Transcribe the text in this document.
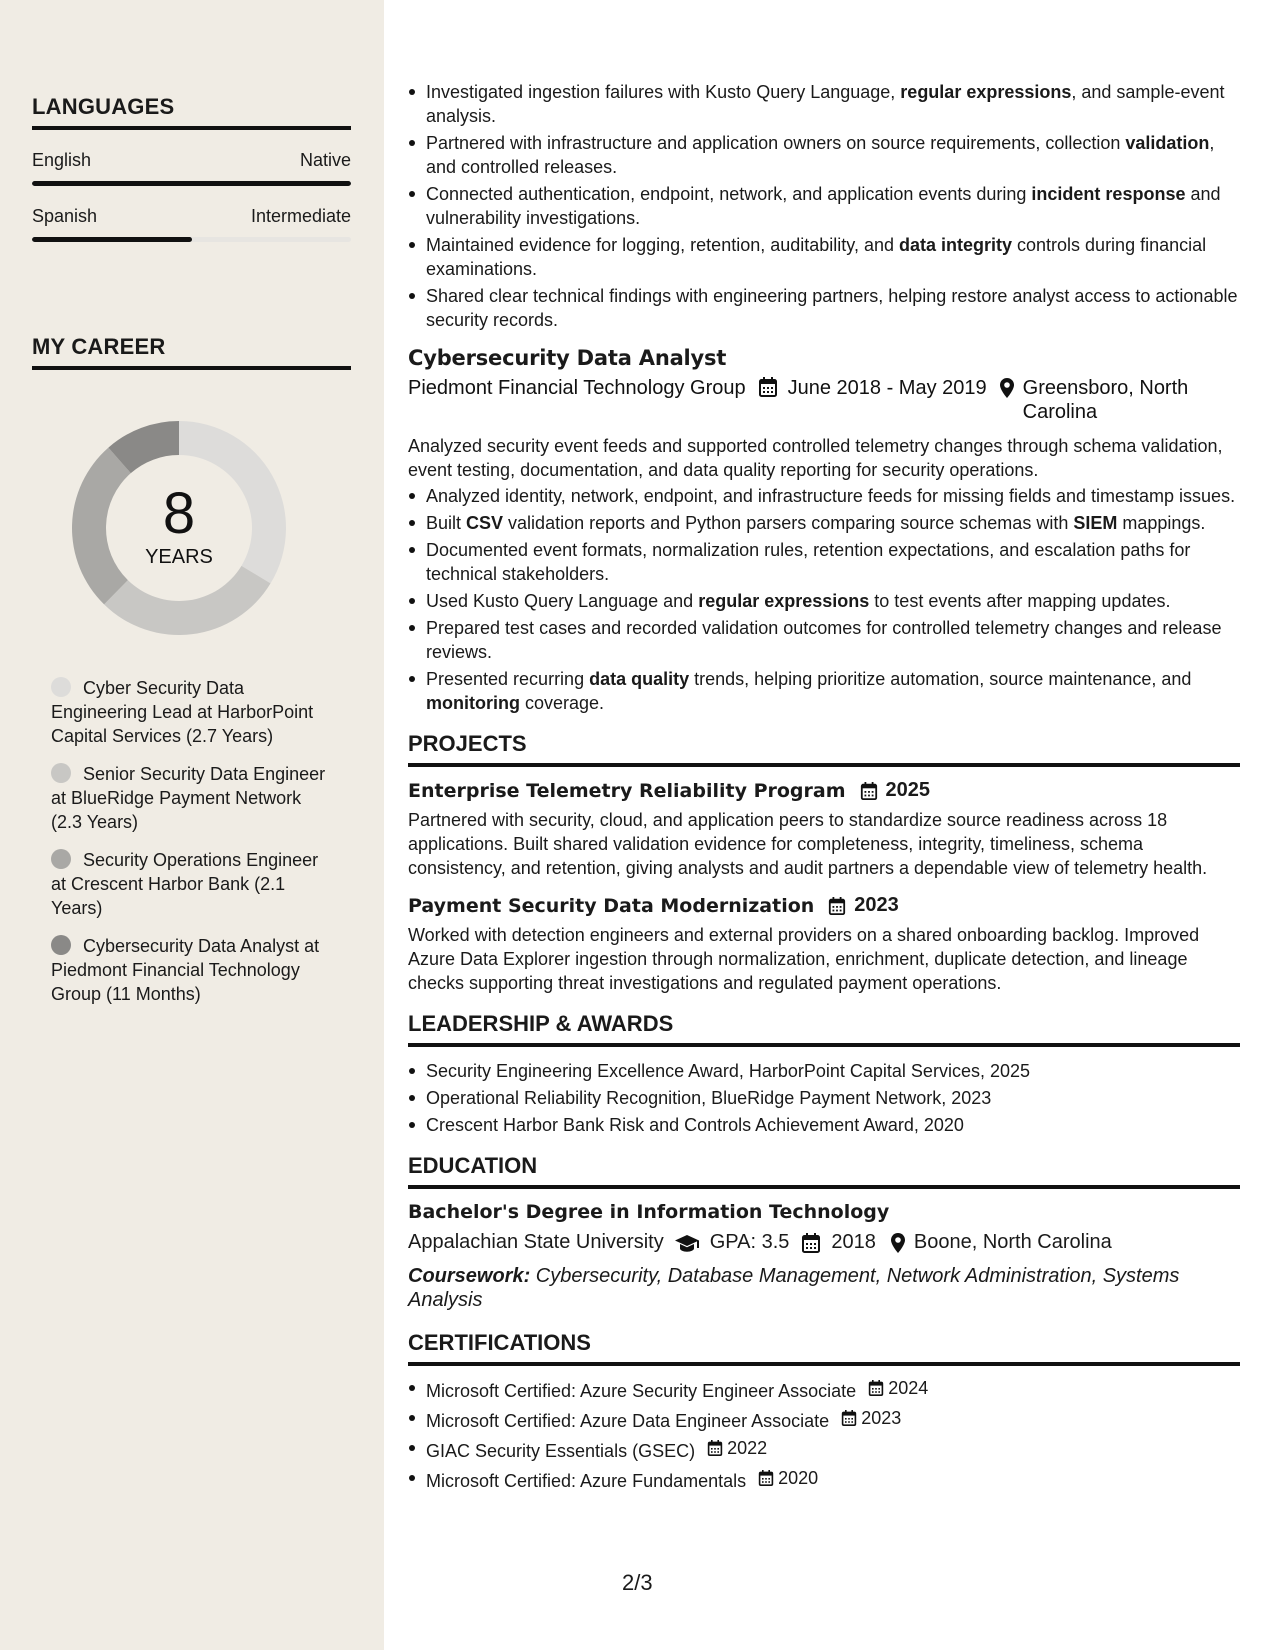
LANGUAGES
English	Native
Spanish	Intermediate
MY CAREER
8
YEARS
Cyber Security Data Engineering Lead at HarborPoint Capital Services (2.7 Years)
Senior Security Data Engineer at BlueRidge Payment Network (2.3 Years)
Security Operations Engineer at Crescent Harbor Bank (2.1 Years)
Cybersecurity Data Analyst at Piedmont Financial Technology Group (11 Months)
Investigated ingestion failures with Kusto Query Language, regular expressions, and sample-event analysis.
Partnered with infrastructure and application owners on source requirements, collection validation, and controlled releases.
Connected authentication, endpoint, network, and application events during incident response and vulnerability investigations.
Maintained evidence for logging, retention, auditability, and data integrity controls during financial examinations.
Shared clear technical findings with engineering partners, helping restore analyst access to actionable security records.
Cybersecurity Data Analyst
Piedmont Financial Technology Group June 2018 - May 2019 Greensboro, North Carolina

Analyzed security event feeds and supported controlled telemetry changes through schema validation, event testing, documentation, and data quality reporting for security operations.

Analyzed identity, network, endpoint, and infrastructure feeds for missing fields and timestamp issues.
Built CSV validation reports and Python parsers comparing source schemas with SIEM mappings.
Documented event formats, normalization rules, retention expectations, and escalation paths for technical stakeholders.
Used Kusto Query Language and regular expressions to test events after mapping updates.
Prepared test cases and recorded validation outcomes for controlled telemetry changes and release reviews.
Presented recurring data quality trends, helping prioritize automation, source maintenance, and monitoring coverage.
PROJECTS
Enterprise Telemetry Reliability Program 2025

Partnered with security, cloud, and application peers to standardize source readiness across 18 applications. Built shared validation evidence for completeness, integrity, timeliness, schema consistency, and retention, giving analysts and audit partners a dependable view of telemetry health.

Payment Security Data Modernization 2023

Worked with detection engineers and external providers on a shared onboarding backlog. Improved Azure Data Explorer ingestion through normalization, enrichment, duplicate detection, and lineage checks supporting threat investigations and regulated payment operations.

LEADERSHIP & AWARDS
Security Engineering Excellence Award, HarborPoint Capital Services, 2025
Operational Reliability Recognition, BlueRidge Payment Network, 2023
Crescent Harbor Bank Risk and Controls Achievement Award, 2020
EDUCATION
Bachelor's Degree in Information Technology
Appalachian State University GPA: 3.5 2018 Boone, North Carolina

Coursework: Cybersecurity, Database Management, Network Administration, Systems Analysis

CERTIFICATIONS
Microsoft Certified: Azure Security Engineer Associate 2024
Microsoft Certified: Azure Data Engineer Associate 2023
GIAC Security Essentials (GSEC) 2022
Microsoft Certified: Azure Fundamentals 2020
2/3
